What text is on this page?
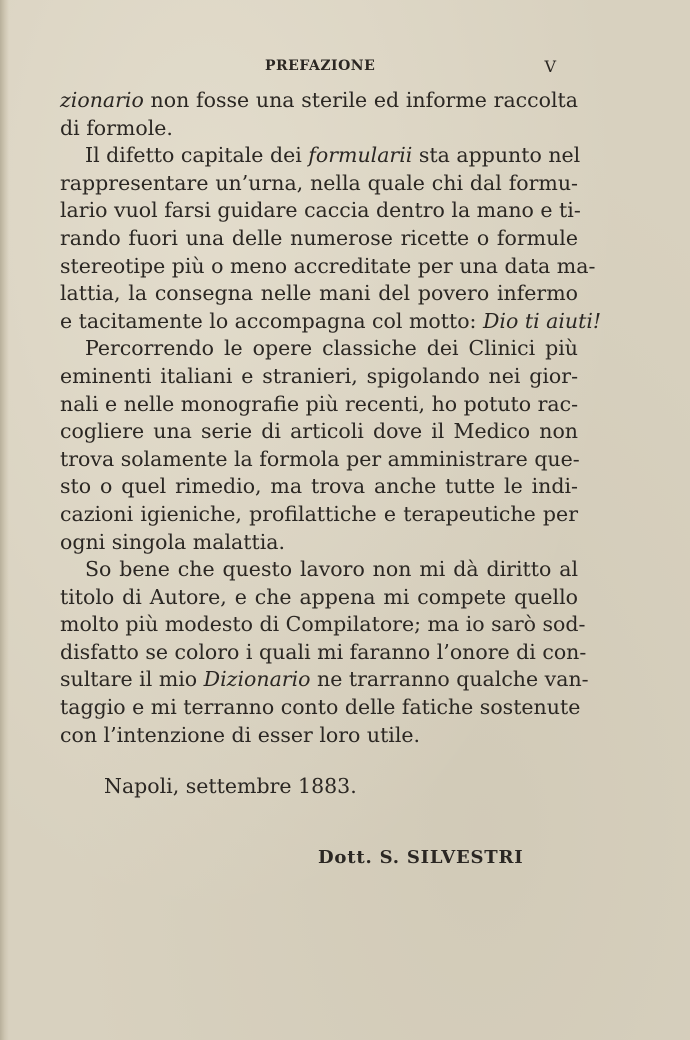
PREFAZIONE	V
zionario non fosse una sterile ed informe raccolta
di formole.
Il difetto capitale dei formularii sta appunto nel
rappresentare un’urna, nella quale chi dal formu-
lario vuol farsi guidare caccia dentro la mano e ti-
rando fuori una delle numerose ricette o formule
stereotipe più o meno accreditate per una data ma-
lattia, la consegna nelle mani del povero infermo
e tacitamente lo accompagna col motto: Dio ti aiuti!
Percorrendo le opere classiche dei Clinici più
eminenti italiani e stranieri, spigolando nei gior-
nali e nelle monografie più recenti, ho potuto rac-
cogliere una serie di articoli dove il Medico non
trova solamente la formola per amministrare que-
sto o quel rimedio, ma trova anche tutte le indi-
cazioni igieniche, profilattiche e terapeutiche per
ogni singola malattia.
So bene che questo lavoro non mi dà diritto al
titolo di Autore, e che appena mi compete quello
molto più modesto di Compilatore; ma io sarò sod-
disfatto se coloro i quali mi faranno l’onore di con-
sultare il mio Dizionario ne trarranno qualche van-
taggio e mi terranno conto delle fatiche sostenute
con l’intenzione di esser loro utile.
Napoli, settembre 1883.
Dott. S. SILVESTRI
